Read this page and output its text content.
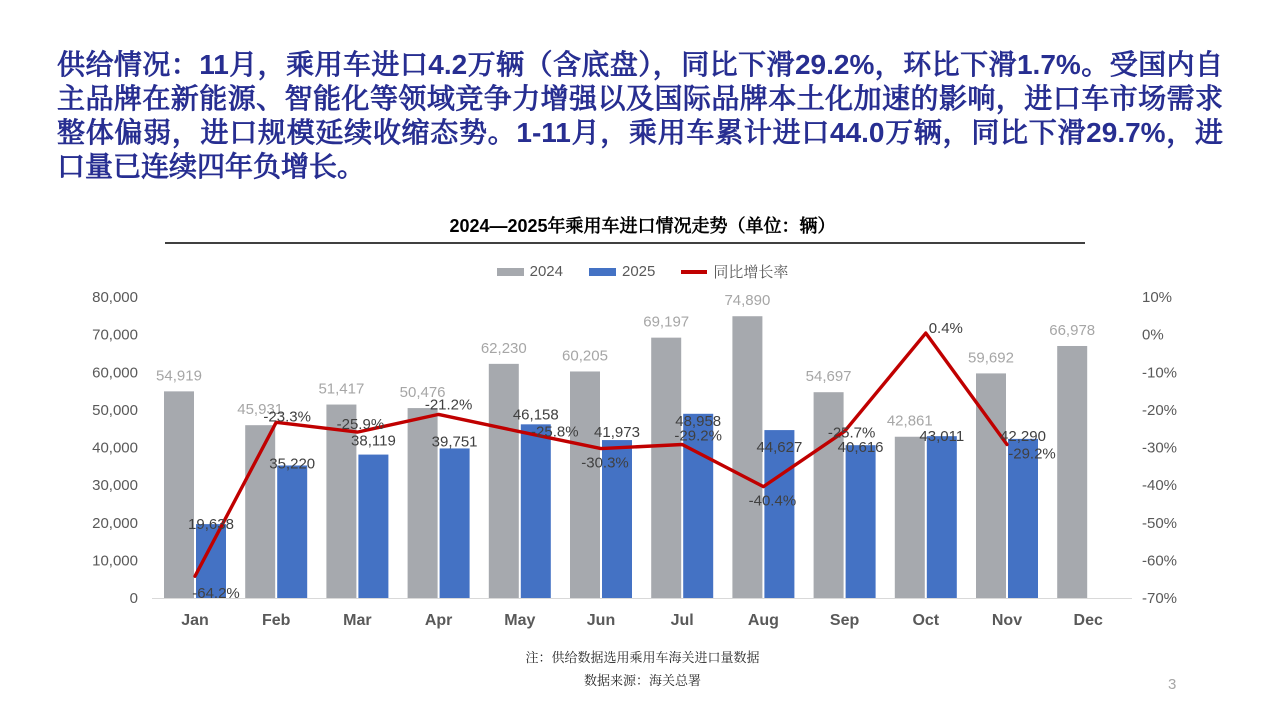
供给情况：11月，乘用车进口4.2万辆（含底盘），同比下滑29.2%，环比下滑1.7%。受国内自主品牌在新能源、智能化等领域竞争力增强以及国际品牌本土化加速的影响，进口车市场需求整体偏弱，进口规模延续收缩态势。1-11月，乘用车累计进口44.0万辆，同比下滑29.7%，进口量已连续四年负增长。
2024—2025年乘用车进口情况走势（单位：辆）
2024	2025	同比增长率
80,000
70,000
60,000
50,000
40,000
30,000
20,000
10,000
0
10%
0%
-10%
-20%
-30%
-40%
-50%
-60%
-70%
Jan	Feb	Mar	Apr	May	Jun	Jul	Aug	Sep	Oct	Nov	Dec
54,919
45,931
51,417 50,476
62,230 60,205
69,197
74,890
54,697
42,861
59,692
66,978
19,638
-64.2%
35,220
-23.3%
38,119
-25.9%
39,751
-21.2%
46,158
-25.8% 41,973
-30.3%
48,958
-29.2%
44,627
-40.4%
40,616
-25.7%	43,011
0.4%
42,290
-29.2%
注：供给数据选用乘用车海关进口量数据
数据来源：海关总署	3
